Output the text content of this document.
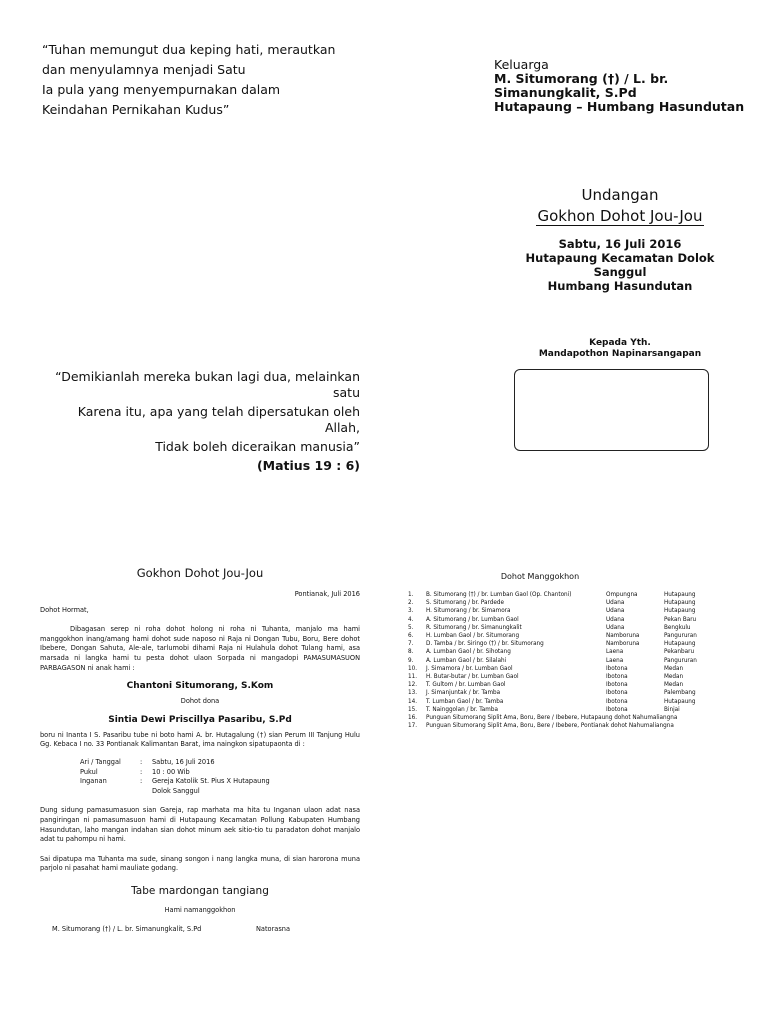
“Tuhan memungut dua keping hati, merautkan
dan menyulamnya menjadi Satu
Ia pula yang menyempurnakan dalam
Keindahan Pernikahan Kudus”
Keluarga
M. Situmorang (†) / L. br.
Simanungkalit, S.Pd
Hutapaung – Humbang Hasundutan
Undangan
Gokhon Dohot Jou-Jou
Sabtu, 16 Juli 2016
Hutapaung Kecamatan Dolok
Sanggul
Humbang Hasundutan
Kepada Yth.
Mandapothon Napinarsangapan
“Demikianlah mereka bukan lagi dua, melainkan satu
Karena itu, apa yang telah dipersatukan oleh Allah,
Tidak boleh diceraikan manusia”
(Matius 19 : 6)
Gokhon Dohot Jou-Jou
Pontianak, Juli 2016
Dohot Hormat,
Dibagasan serep ni roha dohot holong ni roha ni Tuhanta, manjalo ma hami manggokhon inang/amang hami dohot sude naposo ni Raja ni Dongan Tubu, Boru, Bere dohot Ibebere, Dongan Sahuta, Ale-ale, tarlumobi dihami Raja ni Hulahula dohot Tulang hami, asa marsada ni langka hami tu pesta dohot ulaon Sorpada ni mangadopi PAMASUMASUON PARBAGASON ni anak hami :
Chantoni Situmorang, S.Kom
Dohot dona
Sintia Dewi Priscillya Pasaribu, S.Pd
boru ni Inanta I S. Pasaribu tube ni boto hami A. br. Hutagalung (†) sian Perum III Tanjung Hulu Gg. Kebaca I no. 33 Pontianak Kalimantan Barat, ima naingkon sipatupaonta di :
Ari / Tanggal	:	Sabtu, 16 Juli 2016
Pukul	:	10 : 00 Wib
Inganan	:	Gereja Katolik St. Pius X Hutapaung
Dolok Sanggul
Dung sidung pamasumasuon sian Gareja, rap marhata ma hita tu Inganan ulaon adat nasa pangiringan ni pamasumasuon hami di Hutapaung Kecamatan Pollung Kabupaten Humbang Hasundutan, laho mangan indahan sian dohot minum aek sitio-tio tu paradaton dohot manjalo adat tu pahompu ni hami.
Sai dipatupa ma Tuhanta ma sude, sinang songon i nang langka muna, di sian harorona muna parjolo ni pasahat hami mauliate godang.
Tabe mardongan tangiang
Hami namanggokhon
M. Situmorang (†) / L. br. Simanungkalit, S.Pd	Natorasna
Dohot Manggokhon
1.	B. Situmorang (†) / br. Lumban Gaol (Op. Chantoni)	Ompungna	Hutapaung
2.	S. Situmorang / br. Pardede	Udana	Hutapaung
3.	H. Situmorang / br. Simamora	Udana	Hutapaung
4.	A. Situmorang / br. Lumban Gaol	Udana	Pekan Baru
5.	R. Situmorang / br. Simanungkalit	Udana	Bengkulu
6.	H. Lumban Gaol / br. Situmorang	Namboruna	Pangururan
7.	D. Tamba / br. Siringo (†) / br. Situmorang	Namboruna	Hutapaung
8.	A. Lumban Gaol / br. Sihotang	Laena	Pekanbaru
9.	A. Lumban Gaol / br. Silalahi	Laena	Pangururan
10.	J. Simamora / br. Lumban Gaol	Ibotona	Medan
11.	H. Butar-butar / br. Lumban Gaol	Ibotona	Medan
12.	T. Gultom / br. Lumban Gaol	Ibotona	Medan
13.	J. Simanjuntak / br. Tamba	Ibotona	Palembang
14.	T. Lumban Gaol / br. Tamba	Ibotona	Hutapaung
15.	T. Nainggolan / br. Tamba	Ibotona	Binjai
16.	Punguan Situmorang Siplit Ama, Boru, Bere / Ibebere, Hutapaung dohot Nahumaliangna
17.	Punguan Situmorang Siplit Ama, Boru, Bere / Ibebere, Pontianak dohot Nahumaliangna
